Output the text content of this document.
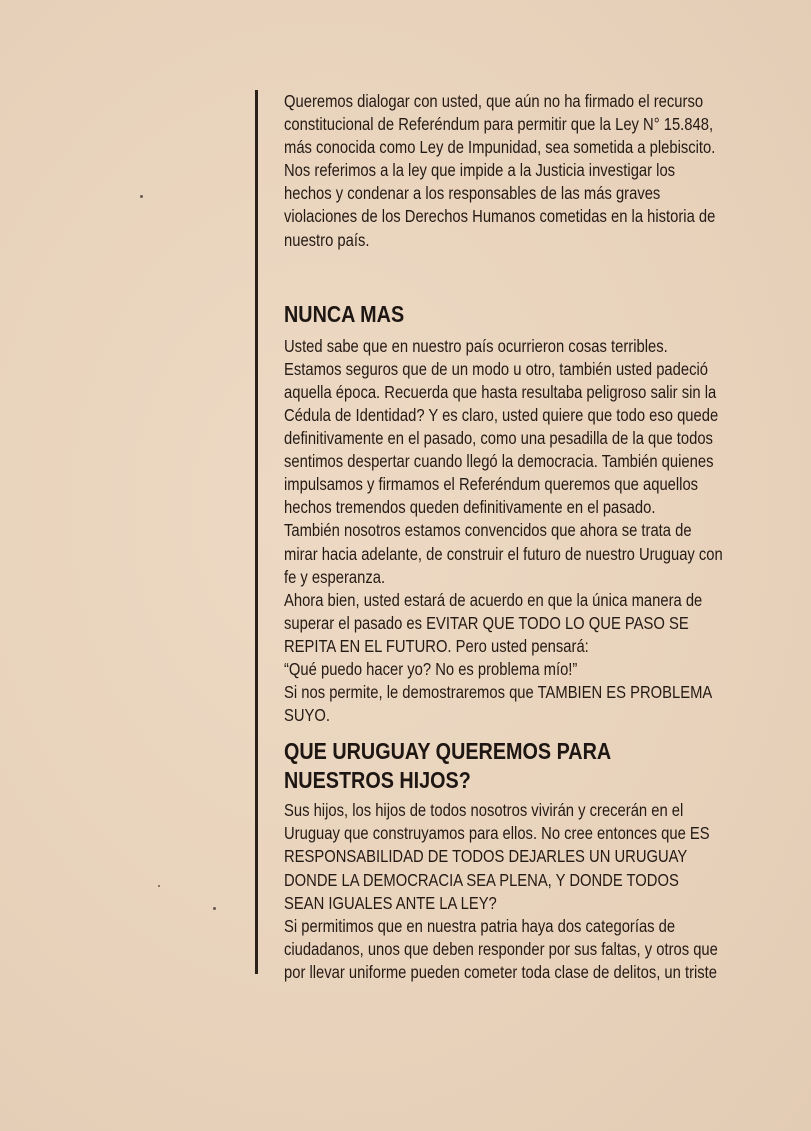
Queremos dialogar con usted, que aún no ha firmado el recurso
constitucional de Referéndum para permitir que la Ley N° 15.848,
más conocida como Ley de Impunidad, sea sometida a plebiscito.
Nos referimos a la ley que impide a la Justicia investigar los
hechos y condenar a los responsables de las más graves
violaciones de los Derechos Humanos cometidas en la historia de
nuestro país.

NUNCA MAS

Usted sabe que en nuestro país ocurrieron cosas terribles.
Estamos seguros que de un modo u otro, también usted padeció
aquella época. Recuerda que hasta resultaba peligroso salir sin la
Cédula de Identidad? Y es claro, usted quiere que todo eso quede
definitivamente en el pasado, como una pesadilla de la que todos
sentimos despertar cuando llegó la democracia. También quienes
impulsamos y firmamos el Referéndum queremos que aquellos
hechos tremendos queden definitivamente en el pasado.
También nosotros estamos convencidos que ahora se trata de
mirar hacia adelante, de construir el futuro de nuestro Uruguay con
fe y esperanza.
Ahora bien, usted estará de acuerdo en que la única manera de
superar el pasado es EVITAR QUE TODO LO QUE PASO SE
REPITA EN EL FUTURO. Pero usted pensará:
“Qué puedo hacer yo? No es problema mío!”
Si nos permite, le demostraremos que TAMBIEN ES PROBLEMA
SUYO.

QUE URUGUAY QUEREMOS PARA
NUESTROS HIJOS?

Sus hijos, los hijos de todos nosotros vivirán y crecerán en el
Uruguay que construyamos para ellos. No cree entonces que ES
RESPONSABILIDAD DE TODOS DEJARLES UN URUGUAY
DONDE LA DEMOCRACIA SEA PLENA, Y DONDE TODOS
SEAN IGUALES ANTE LA LEY?
Si permitimos que en nuestra patria haya dos categorías de
ciudadanos, unos que deben responder por sus faltas, y otros que
por llevar uniforme pueden cometer toda clase de delitos, un triste
